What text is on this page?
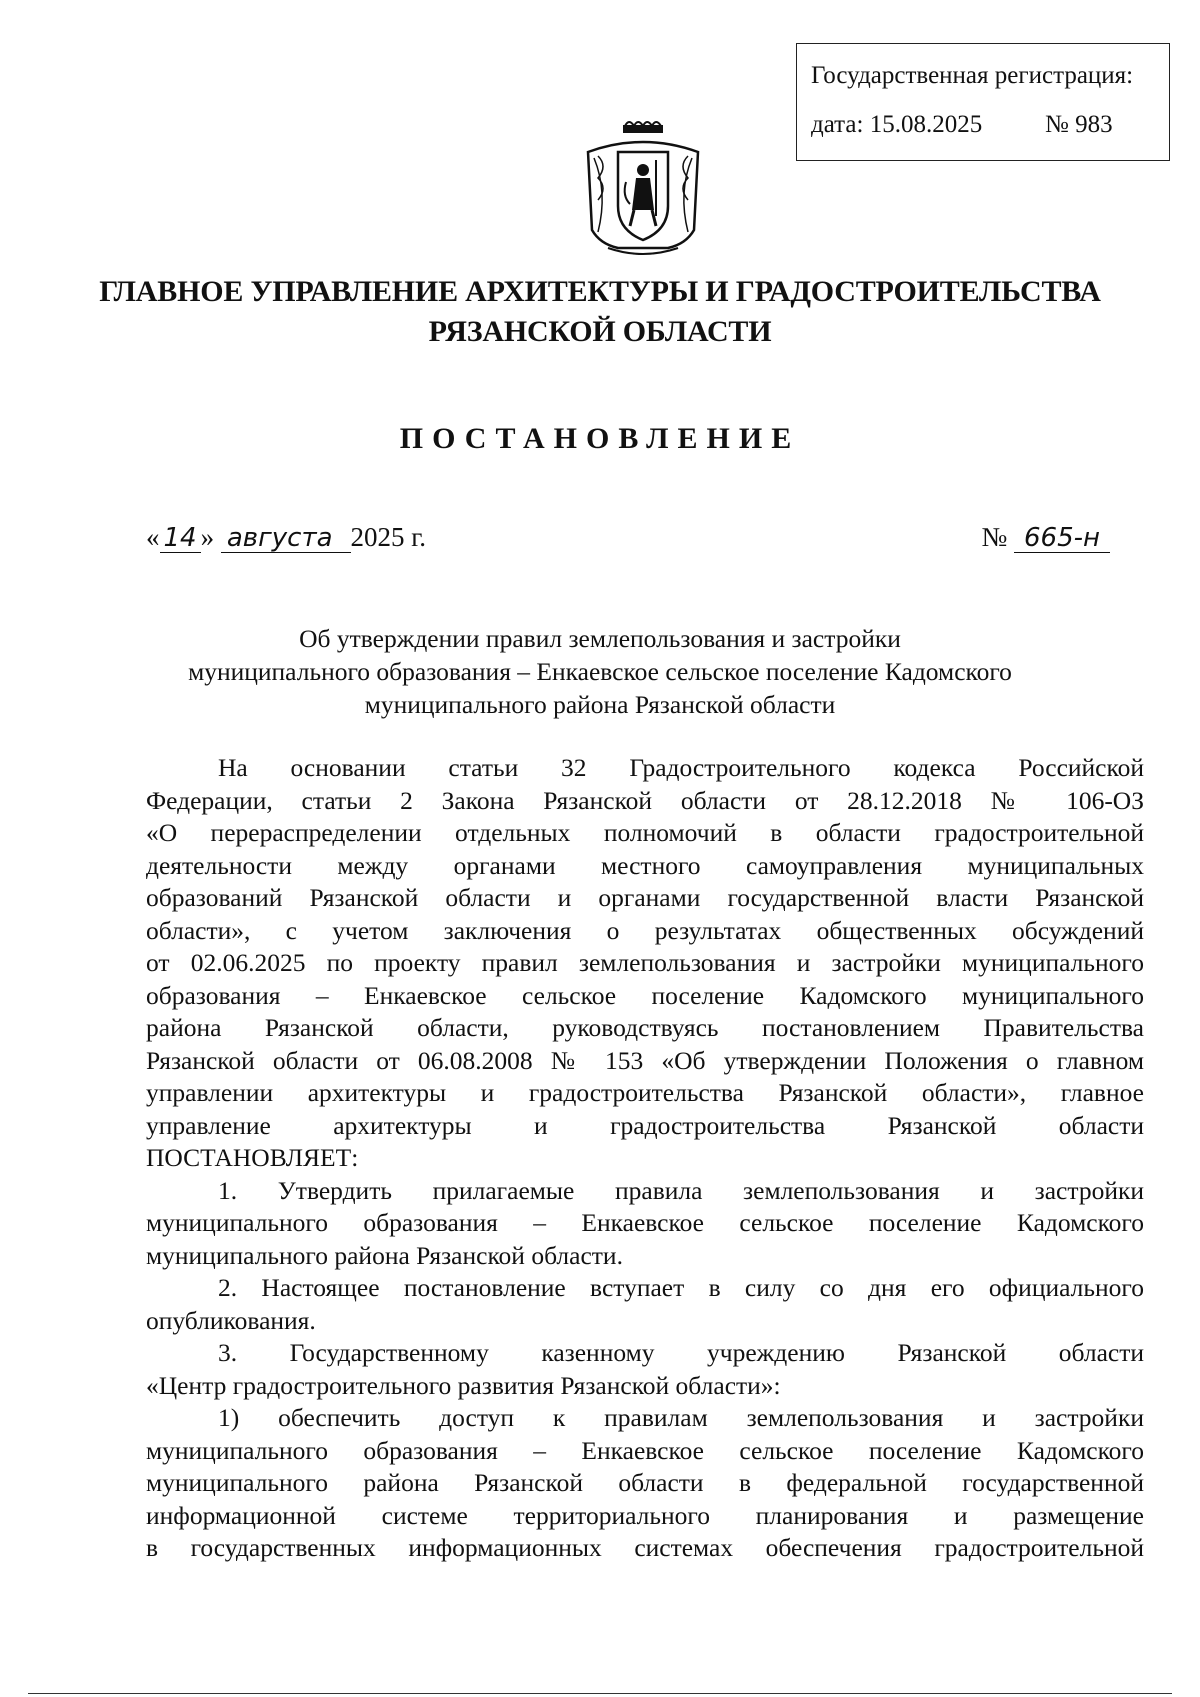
Государственная регистрация:
дата: 15.08.2025	№ 983
ГЛАВНОЕ УПРАВЛЕНИЕ АРХИТЕКТУРЫ И ГРАДОСТРОИТЕЛЬСТВА
РЯЗАНСКОЙ ОБЛАСТИ
ПОСТАНОВЛЕНИЕ
« 14 » августа 2025 г.	№ 665-н
Об утверждении правил землепользования и застройки
муниципального образования – Енкаевское сельское поселение Кадомского
муниципального района Рязанской области
На основании статьи 32 Градостроительного кодекса Российской
Федерации, статьи 2 Закона Рязанской области от 28.12.2018 № 106-ОЗ
«О перераспределении отдельных полномочий в области градостроительной
деятельности между органами местного самоуправления муниципальных
образований Рязанской области и органами государственной власти Рязанской
области», с учетом заключения о результатах общественных обсуждений
от 02.06.2025 по проекту правил землепользования и застройки муниципального
образования – Енкаевское сельское поселение Кадомского муниципального
района Рязанской области, руководствуясь постановлением Правительства
Рязанской области от 06.08.2008 № 153 «Об утверждении Положения о главном
управлении архитектуры и градостроительства Рязанской области», главное
управление архитектуры и градостроительства Рязанской области
ПОСТАНОВЛЯЕТ:
1. Утвердить прилагаемые правила землепользования и застройки
муниципального образования – Енкаевское сельское поселение Кадомского
муниципального района Рязанской области.
2. Настоящее постановление вступает в силу со дня его официального
опубликования.
3. Государственному казенному учреждению Рязанской области
«Центр градостроительного развития Рязанской области»:
1) обеспечить доступ к правилам землепользования и застройки
муниципального образования – Енкаевское сельское поселение Кадомского
муниципального района Рязанской области в федеральной государственной
информационной системе территориального планирования и размещение
в государственных информационных системах обеспечения градостроительной
